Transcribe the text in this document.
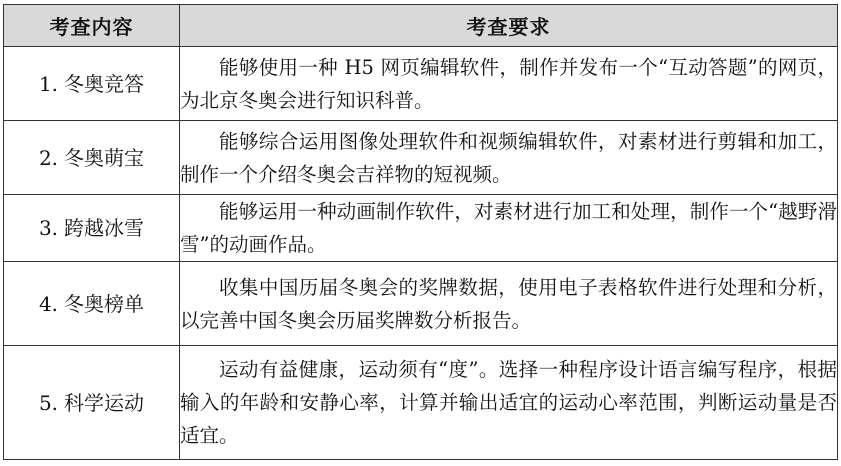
考查内容	考查要求
1. 冬奥竞答	能够使用一种 H5 网页编辑软件，制作并发布一个“互动答题”的网页，为北京冬奥会进行知识科普。
2. 冬奥萌宝	能够综合运用图像处理软件和视频编辑软件，对素材进行剪辑和加工，制作一个介绍冬奥会吉祥物的短视频。
3. 跨越冰雪	能够运用一种动画制作软件，对素材进行加工和处理，制作一个“越野滑雪”的动画作品。
4. 冬奥榜单	收集中国历届冬奥会的奖牌数据，使用电子表格软件进行处理和分析，以完善中国冬奥会历届奖牌数分析报告。
5. 科学运动	运动有益健康，运动须有“度”。选择一种程序设计语言编写程序，根据输入的年龄和安静心率，计算并输出适宜的运动心率范围，判断运动量是否适宜。
